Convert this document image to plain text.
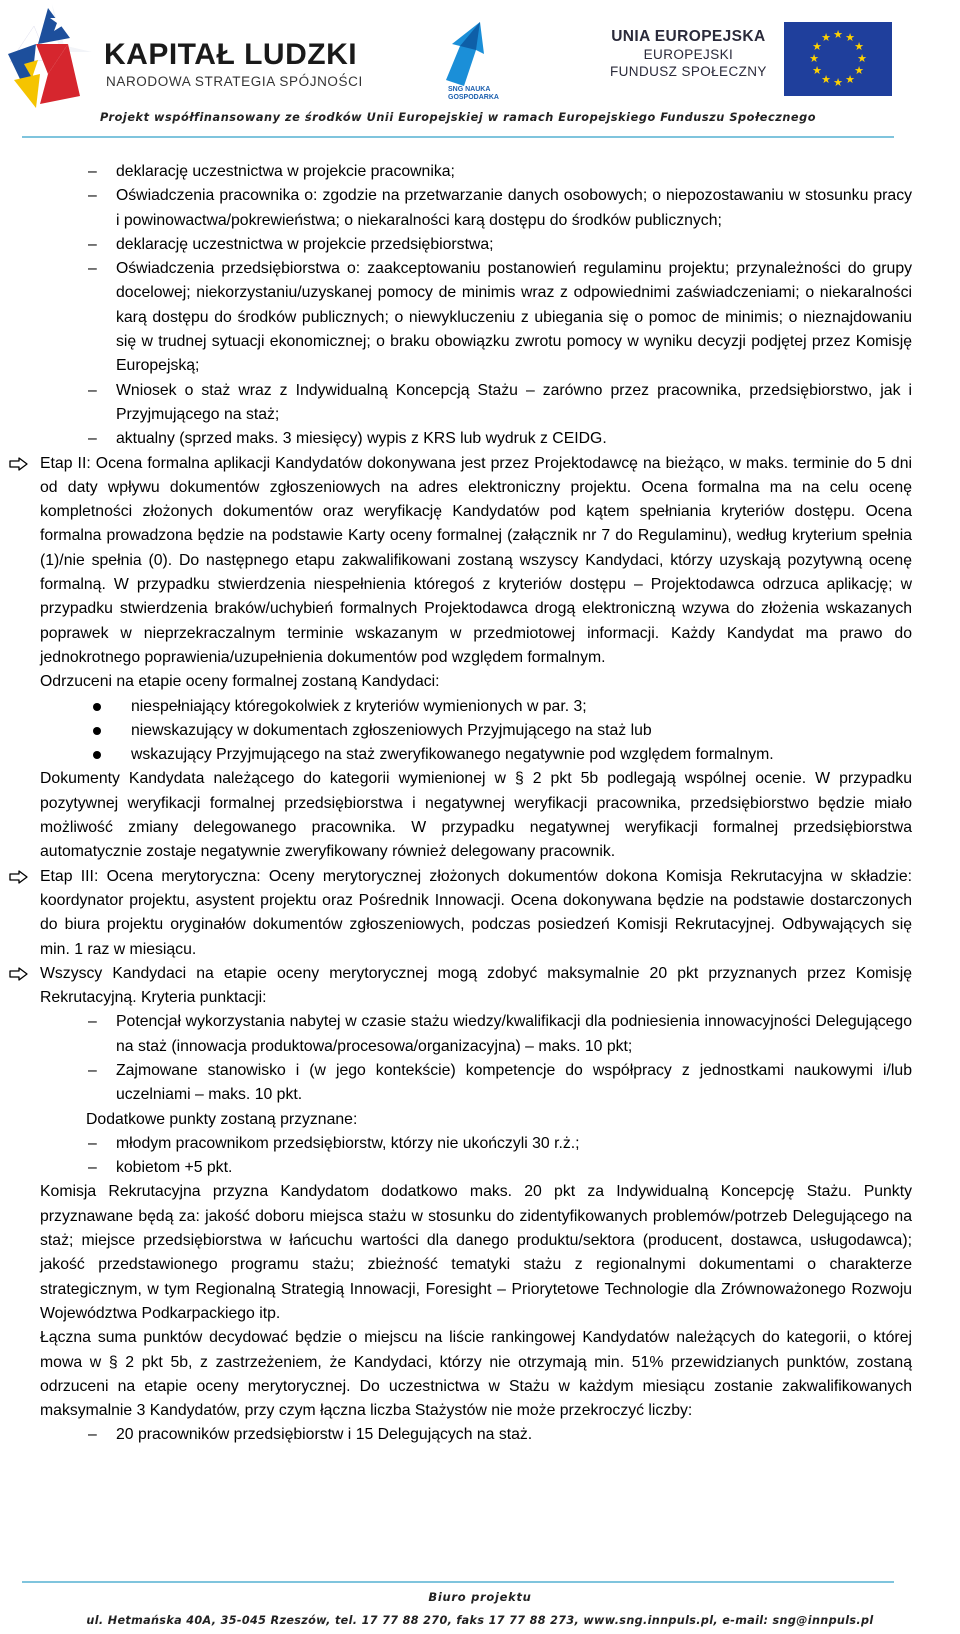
KAPITAŁ LUDZKI
NARODOWA STRATEGIA SPÓJNOŚCI
SNG NAUKA GOSPODARKA
UNIA EUROPEJSKA
EUROPEJSKI
FUNDUSZ SPOŁECZNY
★ ★
★
★
★
★
★
★
★
★
★
★
Projekt współfinansowany ze środków Unii Europejskiej w ramach Europejskiego Funduszu Społecznego

– deklarację uczestnictwa w projekcie pracownika;

– Oświadczenia pracownika o: zgodzie na przetwarzanie danych osobowych; o niepozostawaniu w stosunku pracy i powinowactwa/pokrewieństwa; o niekaralności karą dostępu do środków publicznych;

– deklarację uczestnictwa w projekcie przedsiębiorstwa;

– Oświadczenia przedsiębiorstwa o: zaakceptowaniu postanowień regulaminu projektu; przynależności do grupy docelowej; niekorzystaniu/uzyskanej pomocy de minimis wraz z odpowiednimi zaświadczeniami; o niekaralności karą dostępu do środków publicznych; o niewykluczeniu z ubiegania się o pomoc de minimis; o nieznajdowaniu się w trudnej sytuacji ekonomicznej; o braku obowiązku zwrotu pomocy w wyniku decyzji podjętej przez Komisję Europejską;

– Wniosek o staż wraz z Indywidualną Koncepcją Stażu – zarówno przez pracownika, przedsiębiorstwo, jak i Przyjmującego na staż;

– aktualny (sprzed maks. 3 miesięcy) wypis z KRS lub wydruk z CEIDG.

Etap II: Ocena formalna aplikacji Kandydatów dokonywana jest przez Projektodawcę na bieżąco, w maks. terminie do 5 dni od daty wpływu dokumentów zgłoszeniowych na adres elektroniczny projektu. Ocena formalna ma na celu ocenę kompletności złożonych dokumentów oraz weryfikację Kandydatów pod kątem spełniania kryteriów dostępu. Ocena formalna prowadzona będzie na podstawie Karty oceny formalnej (załącznik nr 7 do Regulaminu), według kryterium spełnia (1)/nie spełnia (0). Do następnego etapu zakwalifikowani zostaną wszyscy Kandydaci, którzy uzyskają pozytywną ocenę formalną. W przypadku stwierdzenia niespełnienia któregoś z kryteriów dostępu – Projektodawca odrzuca aplikację; w przypadku stwierdzenia braków/uchybień formalnych Projektodawca drogą elektroniczną wzywa do złożenia wskazanych poprawek w nieprzekraczalnym terminie wskazanym w przedmiotowej informacji. Każdy Kandydat ma prawo do jednokrotnego poprawienia/uzupełnienia dokumentów pod względem formalnym.

Odrzuceni na etapie oceny formalnej zostaną Kandydaci:

niespełniający któregokolwiek z kryteriów wymienionych w par. 3;

niewskazujący w dokumentach zgłoszeniowych Przyjmującego na staż lub

wskazujący Przyjmującego na staż zweryfikowanego negatywnie pod względem formalnym.

Dokumenty Kandydata należącego do kategorii wymienionej w § 2 pkt 5b podlegają wspólnej ocenie. W przypadku pozytywnej weryfikacji formalnej przedsiębiorstwa i negatywnej weryfikacji pracownika, przedsiębiorstwo będzie miało możliwość zmiany delegowanego pracownika. W przypadku negatywnej weryfikacji formalnej przedsiębiorstwa automatycznie zostaje negatywnie zweryfikowany również delegowany pracownik.

Etap III: Ocena merytoryczna: Oceny merytorycznej złożonych dokumentów dokona Komisja Rekrutacyjna w składzie: koordynator projektu, asystent projektu oraz Pośrednik Innowacji. Ocena dokonywana będzie na podstawie dostarczonych do biura projektu oryginałów dokumentów zgłoszeniowych, podczas posiedzeń Komisji Rekrutacyjnej. Odbywających się min. 1 raz w miesiącu.
Wszyscy Kandydaci na etapie oceny merytorycznej mogą zdobyć maksymalnie 20 pkt przyznanych przez Komisję Rekrutacyjną. Kryteria punktacji:

– Potencjał wykorzystania nabytej w czasie stażu wiedzy/kwalifikacji dla podniesienia innowacyjności Delegującego na staż (innowacja produktowa/procesowa/organizacyjna) – maks. 10 pkt;

– Zajmowane stanowisko i (w jego kontekście) kompetencje do współpracy z jednostkami naukowymi i/lub uczelniami – maks. 10 pkt.

Dodatkowe punkty zostaną przyznane:

– młodym pracownikom przedsiębiorstw, którzy nie ukończyli 30 r.ż.;

– kobietom +5 pkt.

Komisja Rekrutacyjna przyzna Kandydatom dodatkowo maks. 20 pkt za Indywidualną Koncepcję Stażu. Punkty przyznawane będą za: jakość doboru miejsca stażu w stosunku do zidentyfikowanych problemów/potrzeb Delegującego na staż; miejsce przedsiębiorstwa w łańcuchu wartości dla danego produktu/sektora (producent, dostawca, usługodawca); jakość przedstawionego programu stażu; zbieżność tematyki stażu z regionalnymi dokumentami o charakterze strategicznym, w tym Regionalną Strategią Innowacji, Foresight – Priorytetowe Technologie dla Zrównoważonego Rozwoju Województwa Podkarpackiego itp.

Łączna suma punktów decydować będzie o miejscu na liście rankingowej Kandydatów należących do kategorii, o której mowa w § 2 pkt 5b, z zastrzeżeniem, że Kandydaci, którzy nie otrzymają min. 51% przewidzianych punktów, zostaną odrzuceni na etapie oceny merytorycznej. Do uczestnictwa w Stażu w każdym miesiącu zostanie zakwalifikowanych maksymalnie 3 Kandydatów, przy czym łączna liczba Stażystów nie może przekroczyć liczby:

– 20 pracowników przedsiębiorstw i 15 Delegujących na staż.

Biuro projektu
ul. Hetmańska 40A, 35-045 Rzeszów, tel. 17 77 88 270, faks 17 77 88 273, www.sng.innpuls.pl, e-mail: sng@innpuls.pl
